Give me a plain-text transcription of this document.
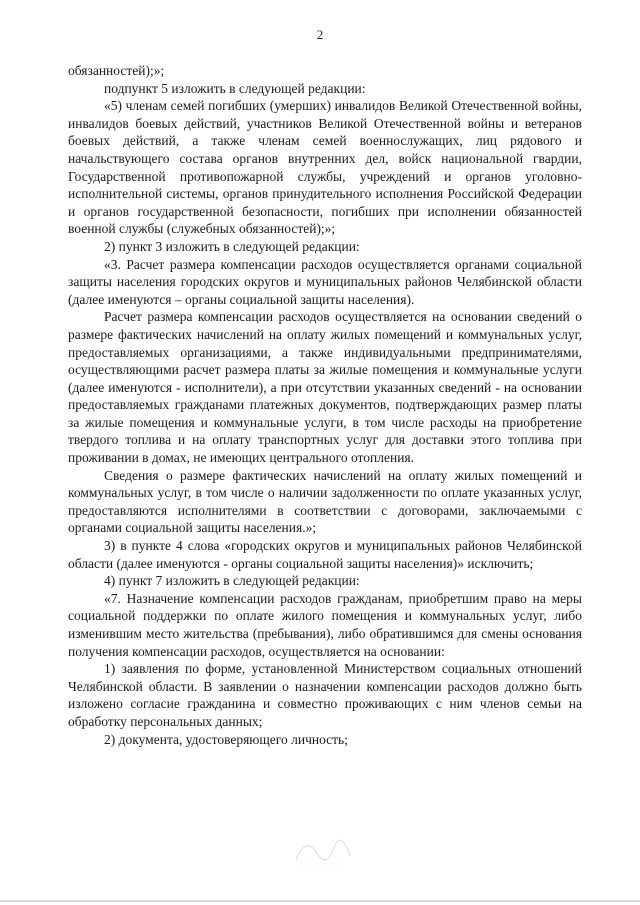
2

обязанностей);»;

подпункт 5 изложить в следующей редакции:

«5) членам семей погибших (умерших) инвалидов Великой Отечественной войны, инвалидов боевых действий, участников Великой Отечественной войны и ветеранов боевых действий, а также членам семей военнослужащих, лиц рядового и начальствующего состава органов внутренних дел, войск национальной гвардии, Государственной противопожарной службы, учреждений и органов уголовно-исполнительной системы, органов принудительного исполнения Российской Федерации и органов государственной безопасности, погибших при исполнении обязанностей военной службы (служебных обязанностей);»;

2) пункт 3 изложить в следующей редакции:

«3. Расчет размера компенсации расходов осуществляется органами социальной защиты населения городских округов и муниципальных районов Челябинской области (далее именуются – органы социальной защиты населения).

Расчет размера компенсации расходов осуществляется на основании сведений о размере фактических начислений на оплату жилых помещений и коммунальных услуг, предоставляемых организациями, а также индивидуальными предпринимателями, осуществляющими расчет размера платы за жилые помещения и коммунальные услуги (далее именуются - исполнители), а при отсутствии указанных сведений - на основании предоставляемых гражданами платежных документов, подтверждающих размер платы за жилые помещения и коммунальные услуги, в том числе расходы на приобретение твердого топлива и на оплату транспортных услуг для доставки этого топлива при проживании в домах, не имеющих центрального отопления.

Сведения о размере фактических начислений на оплату жилых помещений и коммунальных услуг, в том числе о наличии задолженности по оплате указанных услуг, предоставляются исполнителями в соответствии с договорами, заключаемыми с органами социальной защиты населения.»;

3) в пункте 4 слова «городских округов и муниципальных районов Челябинской области (далее именуются - органы социальной защиты населения)» исключить;

4) пункт 7 изложить в следующей редакции:

«7. Назначение компенсации расходов гражданам, приобретшим право на меры социальной поддержки по оплате жилого помещения и коммунальных услуг, либо изменившим место жительства (пребывания), либо обратившимся для смены основания получения компенсации расходов, осуществляется на основании:

1) заявления по форме, установленной Министерством социальных отношений Челябинской области. В заявлении о назначении компенсации расходов должно быть изложено согласие гражданина и совместно проживающих с ним членов семьи на обработку персональных данных;

2) документа, удостоверяющего личность;
